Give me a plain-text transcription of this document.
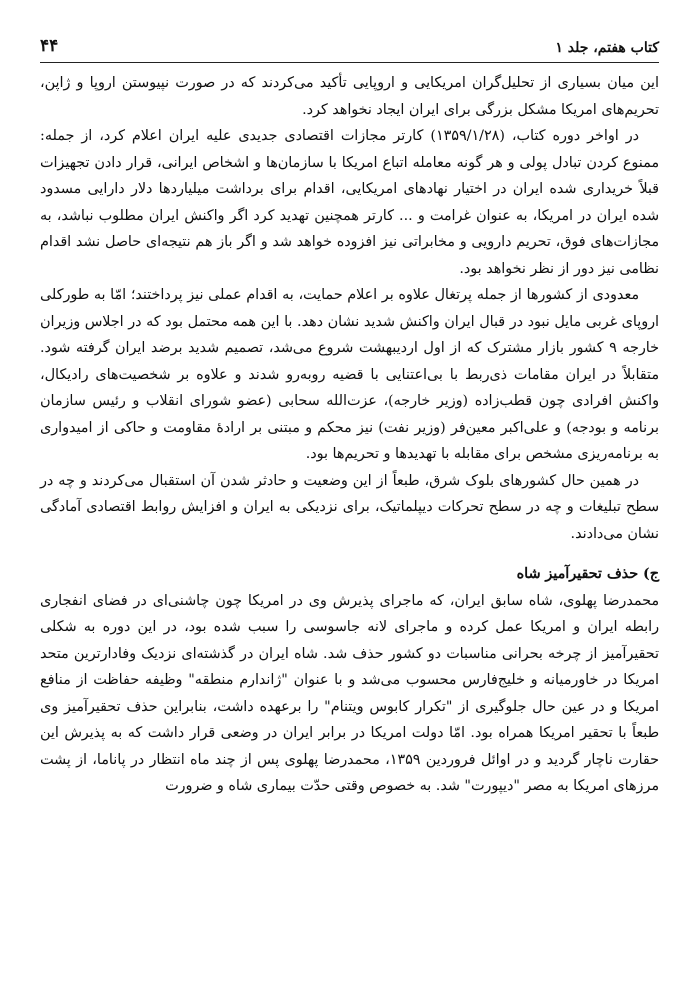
کتاب هفتم، جلد ۱
۴۴

این میان بسیاری از تحلیل‌گران امریکایی و اروپایی تأکید می‌کردند که در صورت نپیوستن اروپا و ژاپن، تحریم‌های امریکا مشکل بزرگی برای ایران ایجاد نخواهد کرد.

در اواخر دوره کتاب، (۱۳۵۹/۱/۲۸) کارتر مجازات اقتصادی جدیدی علیه ایران اعلام کرد، از جمله: ممنوع کردن تبادل پولی و هر گونه معامله اتباع امریکا با سازمان‌ها و اشخاص ایرانی، قرار دادن تجهیزات قبلاً خریداری شده ایران در اختیار نهادهای امریکایی، اقدام برای برداشت میلیاردها دلار دارایی مسدود شده ایران در امریکا، به عنوان غرامت و ... کارتر همچنین تهدید کرد اگر واکنش ایران مطلوب نباشد، به مجازات‌های فوق، تحریم دارویی و مخابراتی نیز افزوده خواهد شد و اگر باز هم نتیجه‌ای حاصل نشد اقدام نظامی نیز دور از نظر نخواهد بود.

معدودی از کشورها از جمله پرتغال علاوه بر اعلام حمایت، به اقدام عملی نیز پرداختند؛ امّا به طورکلی اروپای غربی مایل نبود در قبال ایران واکنش شدید نشان دهد. با این همه محتمل بود که در اجلاس وزیران خارجه ۹ کشور بازار مشترک که از اول اردیبهشت شروع می‌شد، تصمیم شدید برضد ایران گرفته شود. متقابلاً در ایران مقامات ذی‌ربط با بی‌اعتنایی با قضیه روبه‌رو شدند و علاوه بر شخصیت‌های رادیکال، واکنش افرادی چون قطب‌زاده (وزیر خارجه)، عزت‌الله سحابی (عضو شورای انقلاب و رئیس سازمان برنامه و بودجه) و علی‌اکبر معین‌فر (وزیر نفت) نیز محکم و مبتنی بر ارادهٔ مقاومت و حاکی از امیدواری به برنامه‌ریزی مشخص برای مقابله با تهدیدها و تحریم‌ها بود.

در همین حال کشورهای بلوک شرق، طبعاً از این وضعیت و حادثر شدن آن استقبال می‌کردند و چه در سطح تبلیغات و چه در سطح تحرکات دیپلماتیک، برای نزدیکی به ایران و افزایش روابط اقتصادی آمادگی نشان می‌دادند.

ج) حذف تحقیرآمیز شاه

محمدرضا پهلوی، شاه سابق ایران، که ماجرای پذیرش وی در امریکا چون چاشنی‌ای در فضای انفجاری رابطه ایران و امریکا عمل کرده و ماجرای لانه جاسوسی را سبب شده بود، در این دوره به شکلی تحقیرآمیز از چرخه بحرانی مناسبات دو کشور حذف شد. شاه ایران در گذشته‌ای نزدیک وفادارترین متحد امریکا در خاورمیانه و خلیج‌فارس محسوب می‌شد و با عنوان "ژاندارم منطقه" وظیفه حفاظت از منافع امریکا و در عین حال جلوگیری از "تکرار کابوس ویتنام" را برعهده داشت، بنابراین حذف تحقیرآمیز وی طبعاً با تحقیر امریکا همراه بود. امّا دولت امریکا در برابر ایران در وضعی قرار داشت که به پذیرش این حقارت ناچار گردید و در اوائل فروردین ۱۳۵۹، محمدرضا پهلوی پس از چند ماه انتظار در پاناما، از پشت مرزهای امریکا به مصر "دیپورت" شد. به خصوص وقتی حدّت بیماری شاه و ضرورت
